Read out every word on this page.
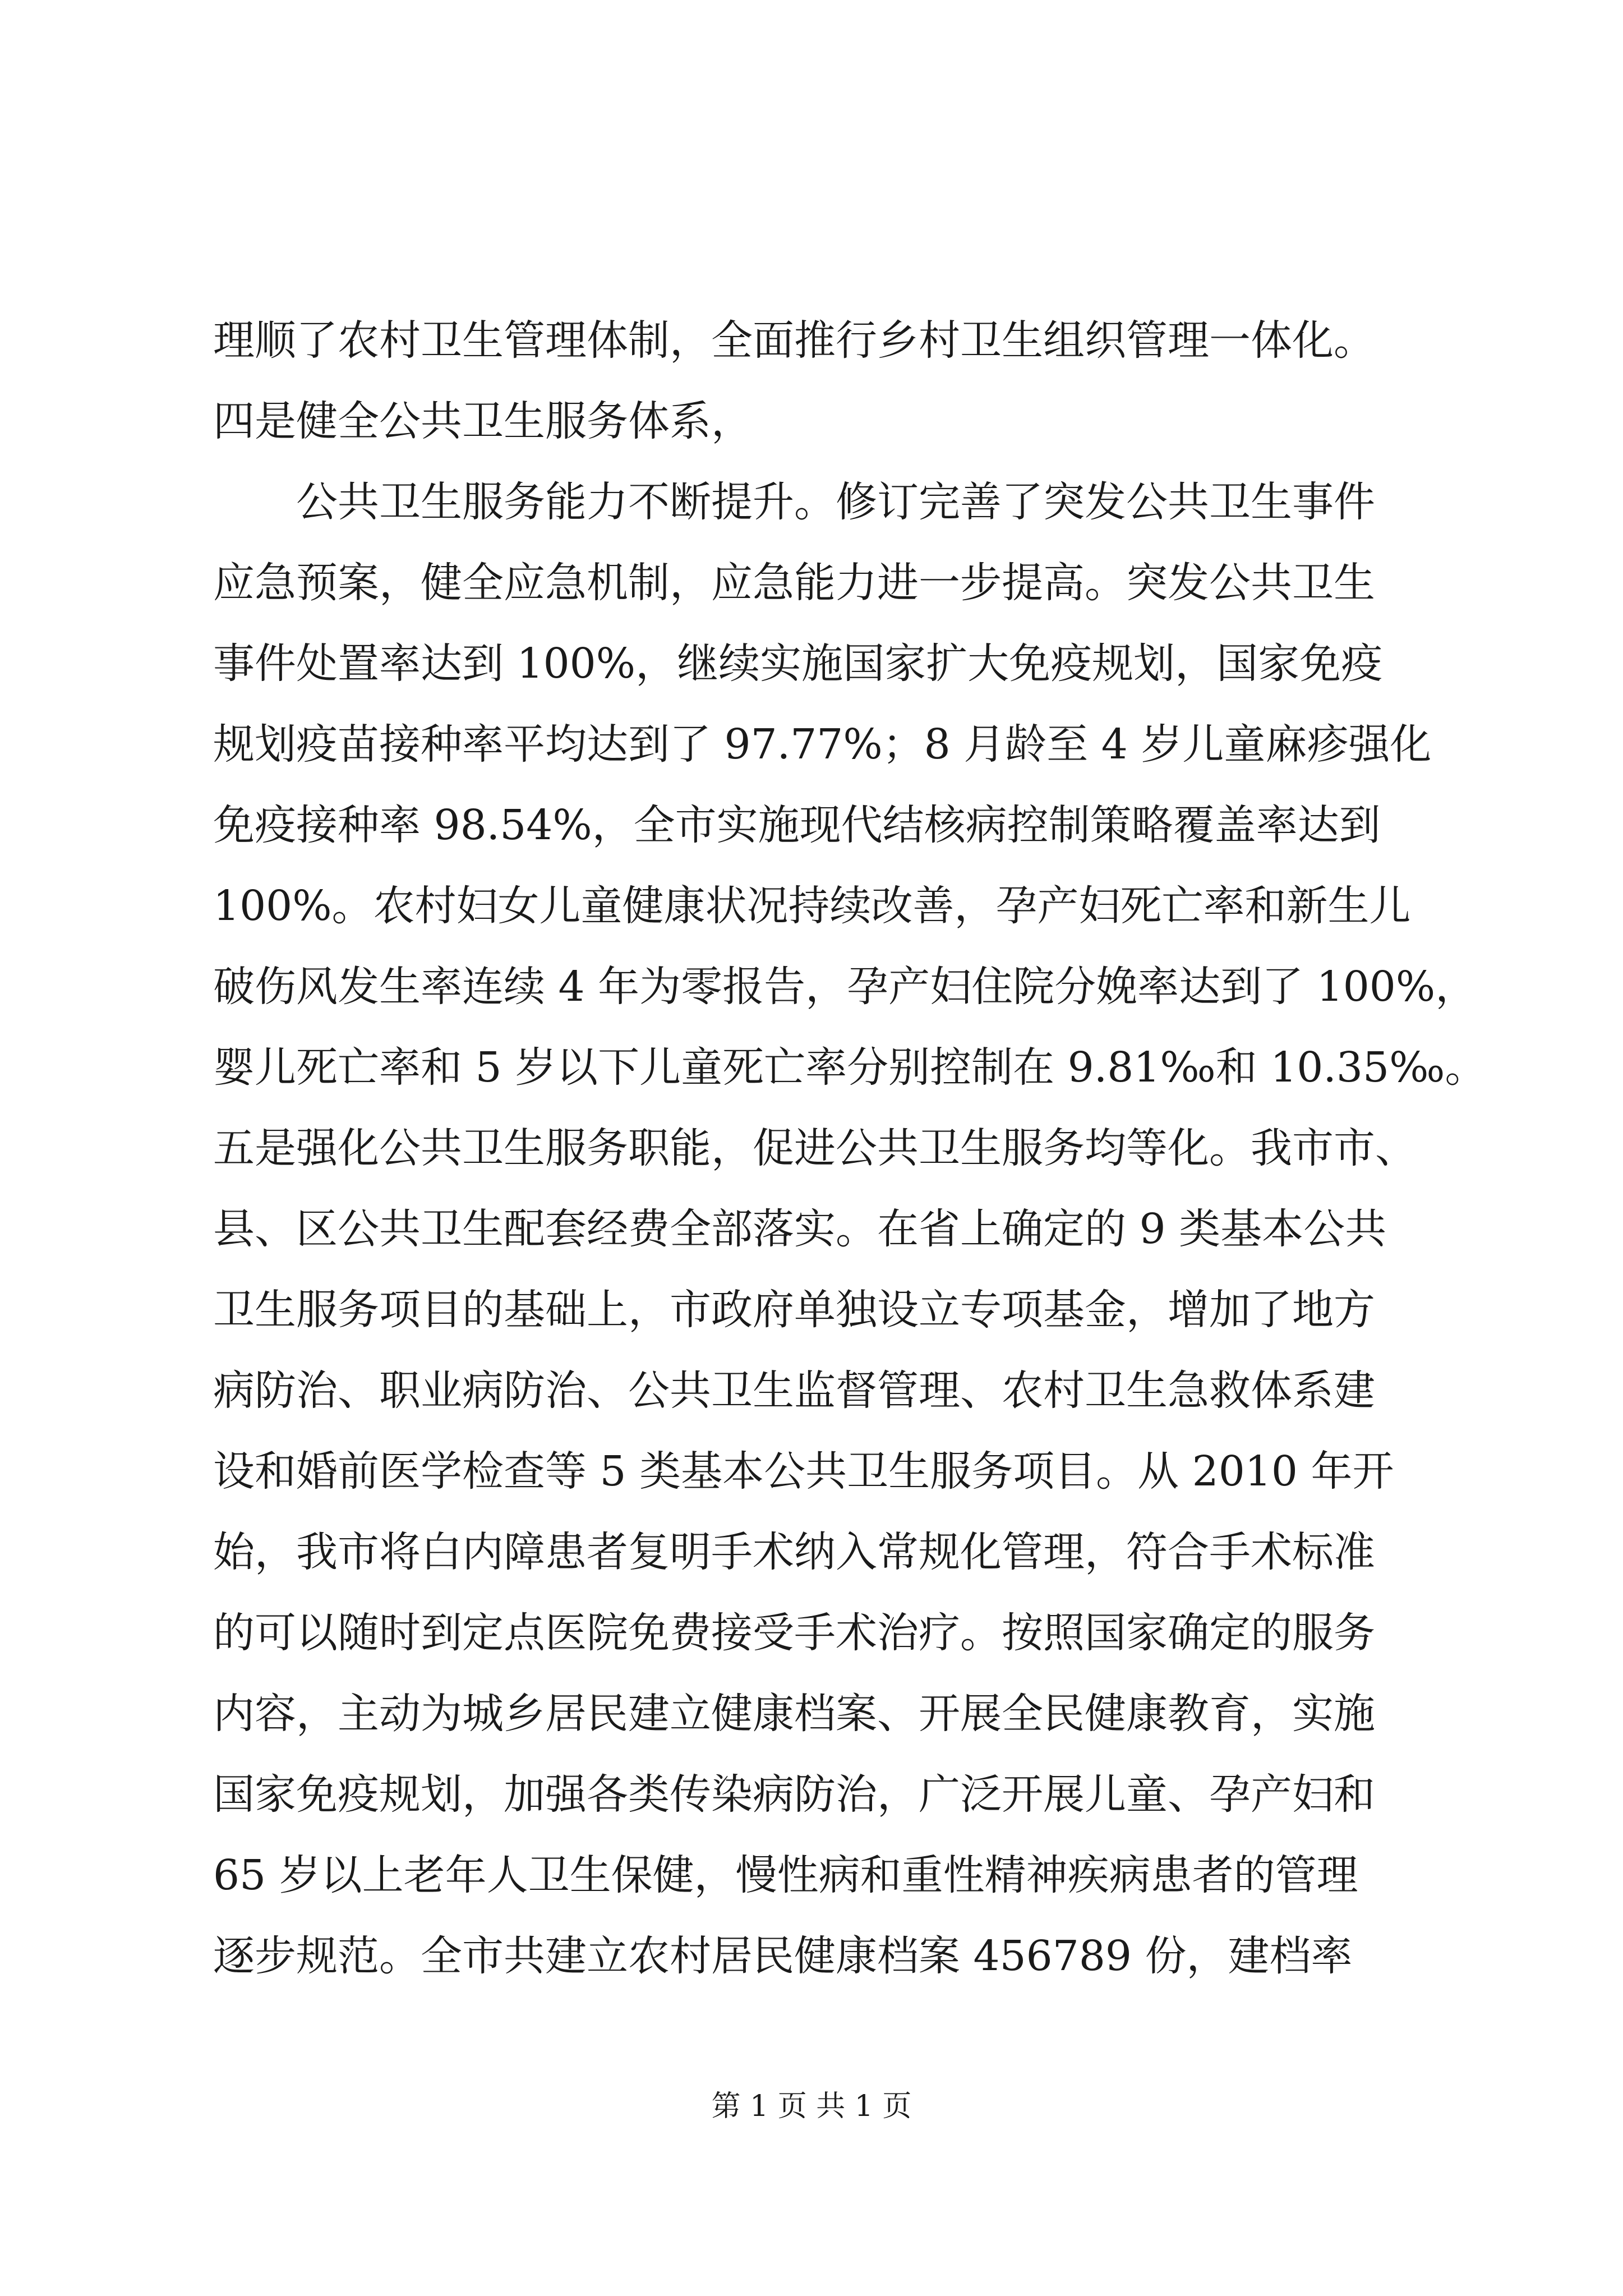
理顺了农村卫生管理体制，全面推行乡村卫生组织管理一体化。
四是健全公共卫生服务体系，
　　公共卫生服务能力不断提升。修订完善了突发公共卫生事件
应急预案，健全应急机制，应急能力进一步提高。突发公共卫生
事件处置率达到 100%，继续实施国家扩大免疫规划，国家免疫
规划疫苗接种率平均达到了 97.77%；8 月龄至 4 岁儿童麻疹强化
免疫接种率 98.54%，全市实施现代结核病控制策略覆盖率达到
100%。农村妇女儿童健康状况持续改善，孕产妇死亡率和新生儿
破伤风发生率连续 4 年为零报告，孕产妇住院分娩率达到了 100%，
婴儿死亡率和 5 岁以下儿童死亡率分别控制在 9.81‰和 10.35‰。
五是强化公共卫生服务职能，促进公共卫生服务均等化。我市市、
县、区公共卫生配套经费全部落实。在省上确定的 9 类基本公共
卫生服务项目的基础上，市政府单独设立专项基金，增加了地方
病防治、职业病防治、公共卫生监督管理、农村卫生急救体系建
设和婚前医学检查等 5 类基本公共卫生服务项目。从 2010 年开
始，我市将白内障患者复明手术纳入常规化管理，符合手术标准
的可以随时到定点医院免费接受手术治疗。按照国家确定的服务
内容，主动为城乡居民建立健康档案、开展全民健康教育，实施
国家免疫规划，加强各类传染病防治，广泛开展儿童、孕产妇和
65 岁以上老年人卫生保健，慢性病和重性精神疾病患者的管理
逐步规范。全市共建立农村居民健康档案 456789 份，建档率
第 1 页 共 1 页
